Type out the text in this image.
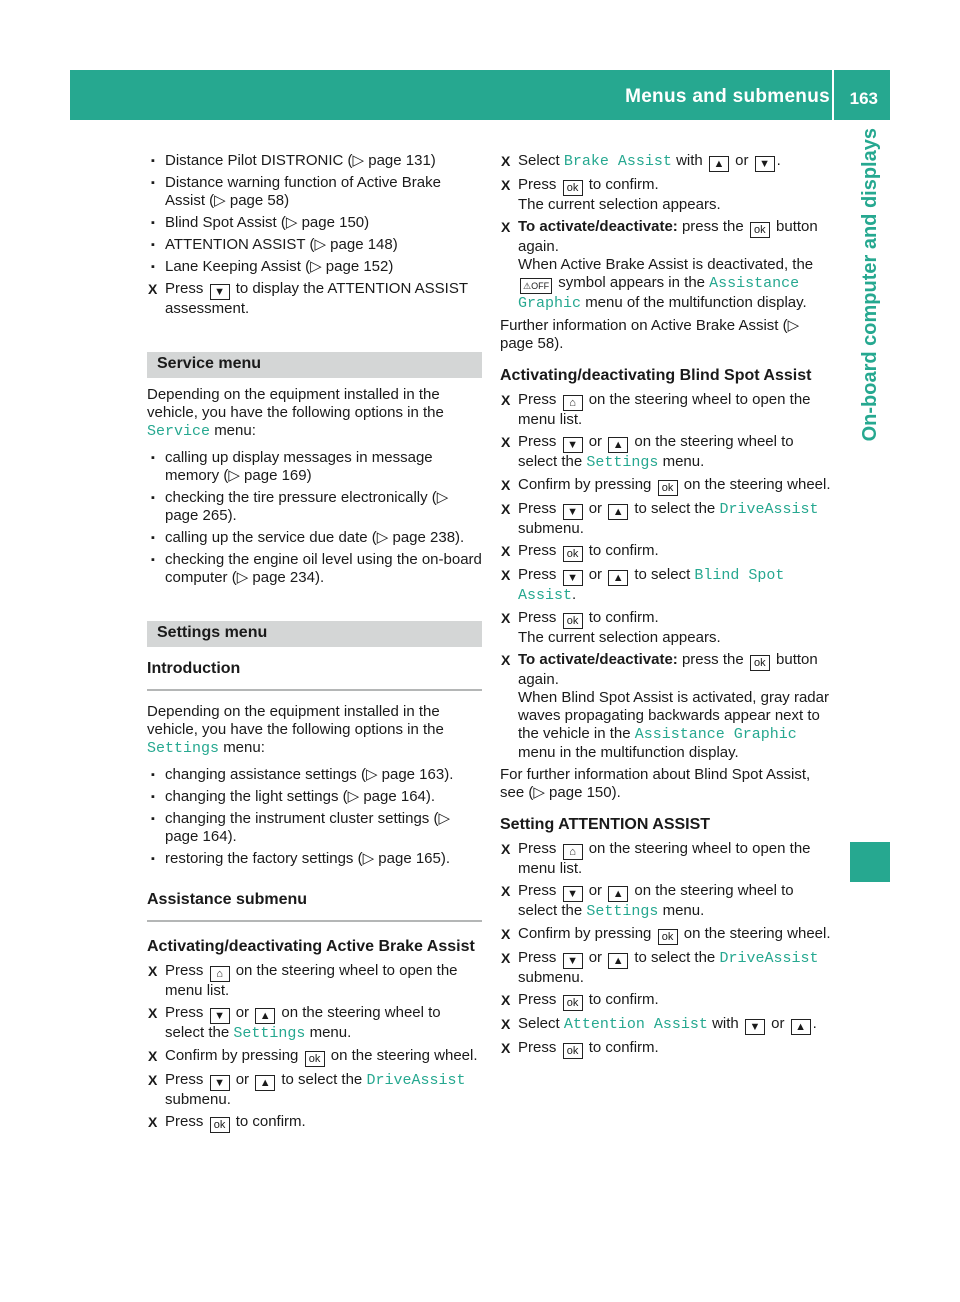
Menus and submenus 163
On-board computer and displays
▪ Distance Pilot DISTRONIC (▷ page 131)
▪ Distance warning function of Active Brake Assist (▷ page 58)
▪ Blind Spot Assist (▷ page 150)
▪ ATTENTION ASSIST (▷ page 148)
▪ Lane Keeping Assist (▷ page 152)
X Press ▼ to display the ATTENTION ASSIST assessment.
Service menu
Depending on the equipment installed in the vehicle, you have the following options in the Service menu:
▪ calling up display messages in message memory (▷ page 169)
▪ checking the tire pressure electronically (▷ page 265).
▪ calling up the service due date (▷ page 238).
▪ checking the engine oil level using the on-board computer (▷ page 234).
Settings menu
Introduction
Depending on the equipment installed in the vehicle, you have the following options in the Settings menu:
▪ changing assistance settings (▷ page 163).
▪ changing the light settings (▷ page 164).
▪ changing the instrument cluster settings (▷ page 164).
▪ restoring the factory settings (▷ page 165).
Assistance submenu
Activating/deactivating Active Brake Assist
X Press ⌂ on the steering wheel to open the menu list.
X Press ▼ or ▲ on the steering wheel to select the Settings menu.
X Confirm by pressing ok on the steering wheel.
X Press ▼ or ▲ to select the DriveAssist submenu.
X Press ok to confirm.
X Select Brake Assist with ▲ or ▼ .
X Press ok to confirm.
The current selection appears.
X To activate/deactivate: press the ok button again.
When Active Brake Assist is deactivated, the ⚠OFF symbol appears in the Assistance Graphic menu of the multifunction display.
Further information on Active Brake Assist (▷ page 58).
Activating/deactivating Blind Spot Assist
X Press ⌂ on the steering wheel to open the menu list.
X Press ▼ or ▲ on the steering wheel to select the Settings menu.
X Confirm by pressing ok on the steering wheel.
X Press ▼ or ▲ to select the DriveAssist submenu.
X Press ok to confirm.
X Press ▼ or ▲ to select Blind Spot Assist.
X Press ok to confirm.
The current selection appears.
X To activate/deactivate: press the ok button again.
When Blind Spot Assist is activated, gray radar waves propagating backwards appear next to the vehicle in the Assistance Graphic menu in the multifunction display.
For further information about Blind Spot Assist, see (▷ page 150).
Setting ATTENTION ASSIST
X Press ⌂ on the steering wheel to open the menu list.
X Press ▼ or ▲ on the steering wheel to select the Settings menu.
X Confirm by pressing ok on the steering wheel.
X Press ▼ or ▲ to select the DriveAssist submenu.
X Press ok to confirm.
X Select Attention Assist with ▼ or ▲ .
X Press ok to confirm.
